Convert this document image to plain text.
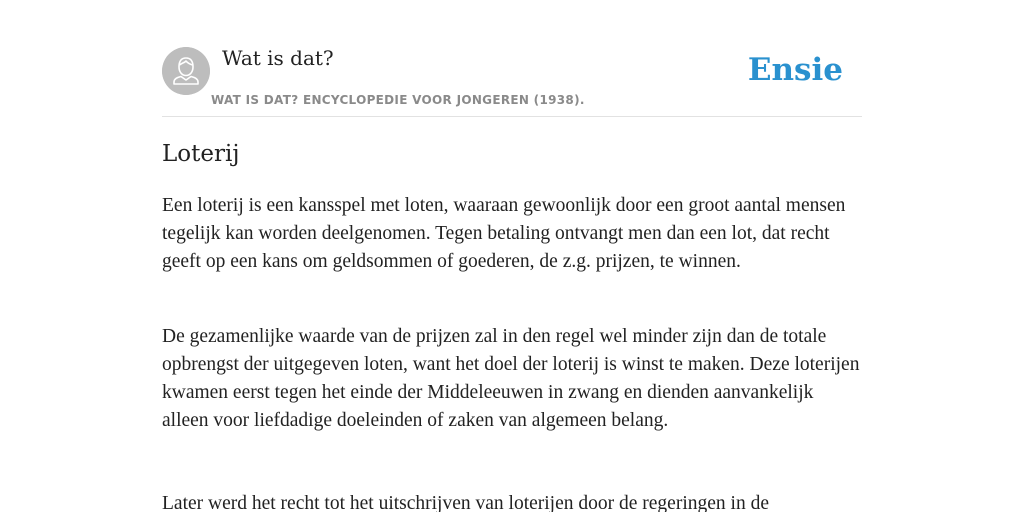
Wat is dat?
WAT IS DAT? ENCYCLOPEDIE VOOR JONGEREN (1938).
Ensie
Loterij

Een loterij is een kansspel met loten, waaraan gewoonlijk door een groot aantal mensen tegelijk kan worden deelgenomen. Tegen betaling ontvangt men dan een lot, dat recht geeft op een kans om geldsommen of goederen, de z.g. prijzen, te winnen.

De gezamenlijke waarde van de prijzen zal in den regel wel minder zijn dan de totale opbrengst der uitgegeven loten, want het doel der loterij is winst te maken. Deze loterijen kwamen eerst tegen het einde der Middeleeuwen in zwang en dienden aanvankelijk alleen voor liefdadige doeleinden of zaken van algemeen belang.

Later werd het recht tot het uitschrijven van loterijen door de regeringen in de
